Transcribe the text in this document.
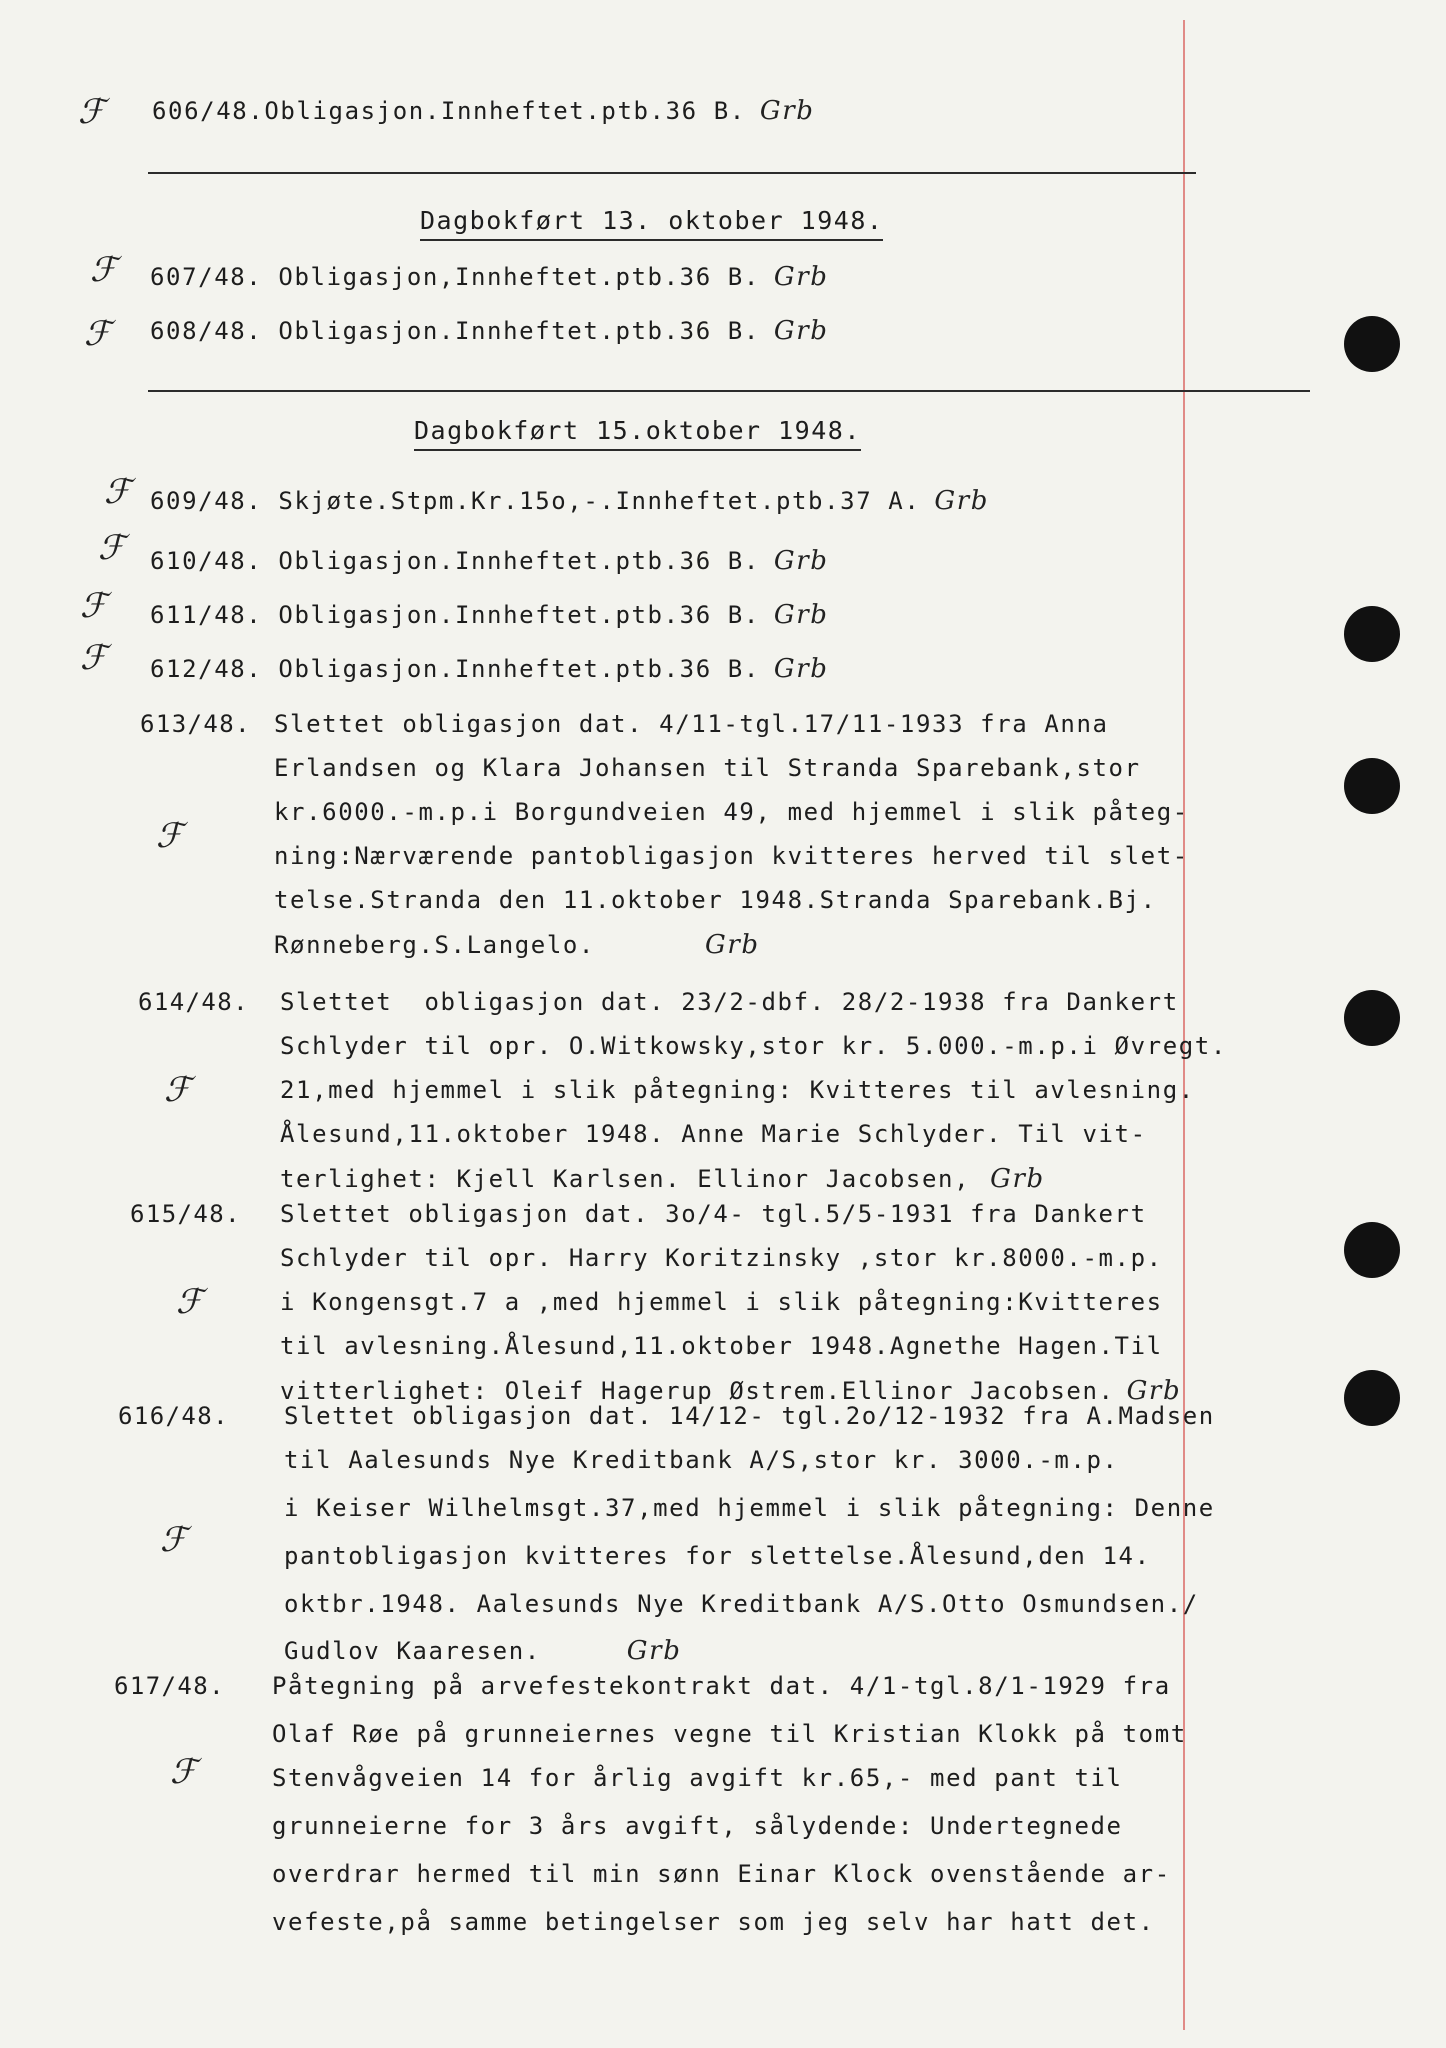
ℱ 606/48.Obligasjon.Innheftet.ptb.36 B. Grb
Dagbokført 13. oktober 1948.
ℱ 607/48. Obligasjon,Innheftet.ptb.36 B. Grb
ℱ 608/48. Obligasjon.Innheftet.ptb.36 B. Grb
Dagbokført 15.oktober 1948.
ℱ 609/48. Skjøte.Stpm.Kr.15o,-.Innheftet.ptb.37 A. Grb
ℱ 610/48. Obligasjon.Innheftet.ptb.36 B. Grb
ℱ 611/48. Obligasjon.Innheftet.ptb.36 B. Grb
ℱ 612/48. Obligasjon.Innheftet.ptb.36 B. Grb
613/48.
ℱ
Slettet obligasjon dat. 4/11-tgl.17/11-1933 fra Anna
Erlandsen og Klara Johansen til Stranda Sparebank,stor
kr.6000.-m.p.i Borgundveien 49, med hjemmel i slik påteg-
ning:Nærværende pantobligasjon kvitteres herved til slet-
telse.Stranda den 11.oktober 1948.Stranda Sparebank.Bj.
Rønneberg.S.Langelo.	Grb
614/48.
ℱ
Slettet  obligasjon dat. 23/2-dbf. 28/2-1938 fra Dankert
Schlyder til opr. O.Witkowsky,stor kr. 5.000.-m.p.i Øvregt.
21,med hjemmel i slik påtegning: Kvitteres til avlesning.
Ålesund,11.oktober 1948. Anne Marie Schlyder. Til vit-
terlighet: Kjell Karlsen. Ellinor Jacobsen, Grb
615/48.
ℱ
Slettet obligasjon dat. 3o/4- tgl.5/5-1931 fra Dankert
Schlyder til opr. Harry Koritzinsky ,stor kr.8000.-m.p.
i Kongensgt.7 a ,med hjemmel i slik påtegning:Kvitteres
til avlesning.Ålesund,11.oktober 1948.Agnethe Hagen.Til
vitterlighet: Oleif Hagerup Østrem.Ellinor Jacobsen. Grb
616/48.
ℱ
Slettet obligasjon dat. 14/12- tgl.2o/12-1932 fra A.Madsen
til Aalesunds Nye Kreditbank A/S,stor kr. 3000.-m.p.
i Keiser Wilhelmsgt.37,med hjemmel i slik påtegning: Denne
pantobligasjon kvitteres for slettelse.Ålesund,den 14.
oktbr.1948. Aalesunds Nye Kreditbank A/S.Otto Osmundsen./
Gudlov Kaaresen.	Grb
617/48.
ℱ
Påtegning på arvefestekontrakt dat. 4/1-tgl.8/1-1929 fra
Olaf Røe på grunneiernes vegne til Kristian Klokk på tomt
Stenvågveien 14 for årlig avgift kr.65,- med pant til
grunneierne for 3 års avgift, sålydende: Undertegnede
overdrar hermed til min sønn Einar Klock ovenstående ar-
vefeste,på samme betingelser som jeg selv har hatt det.
